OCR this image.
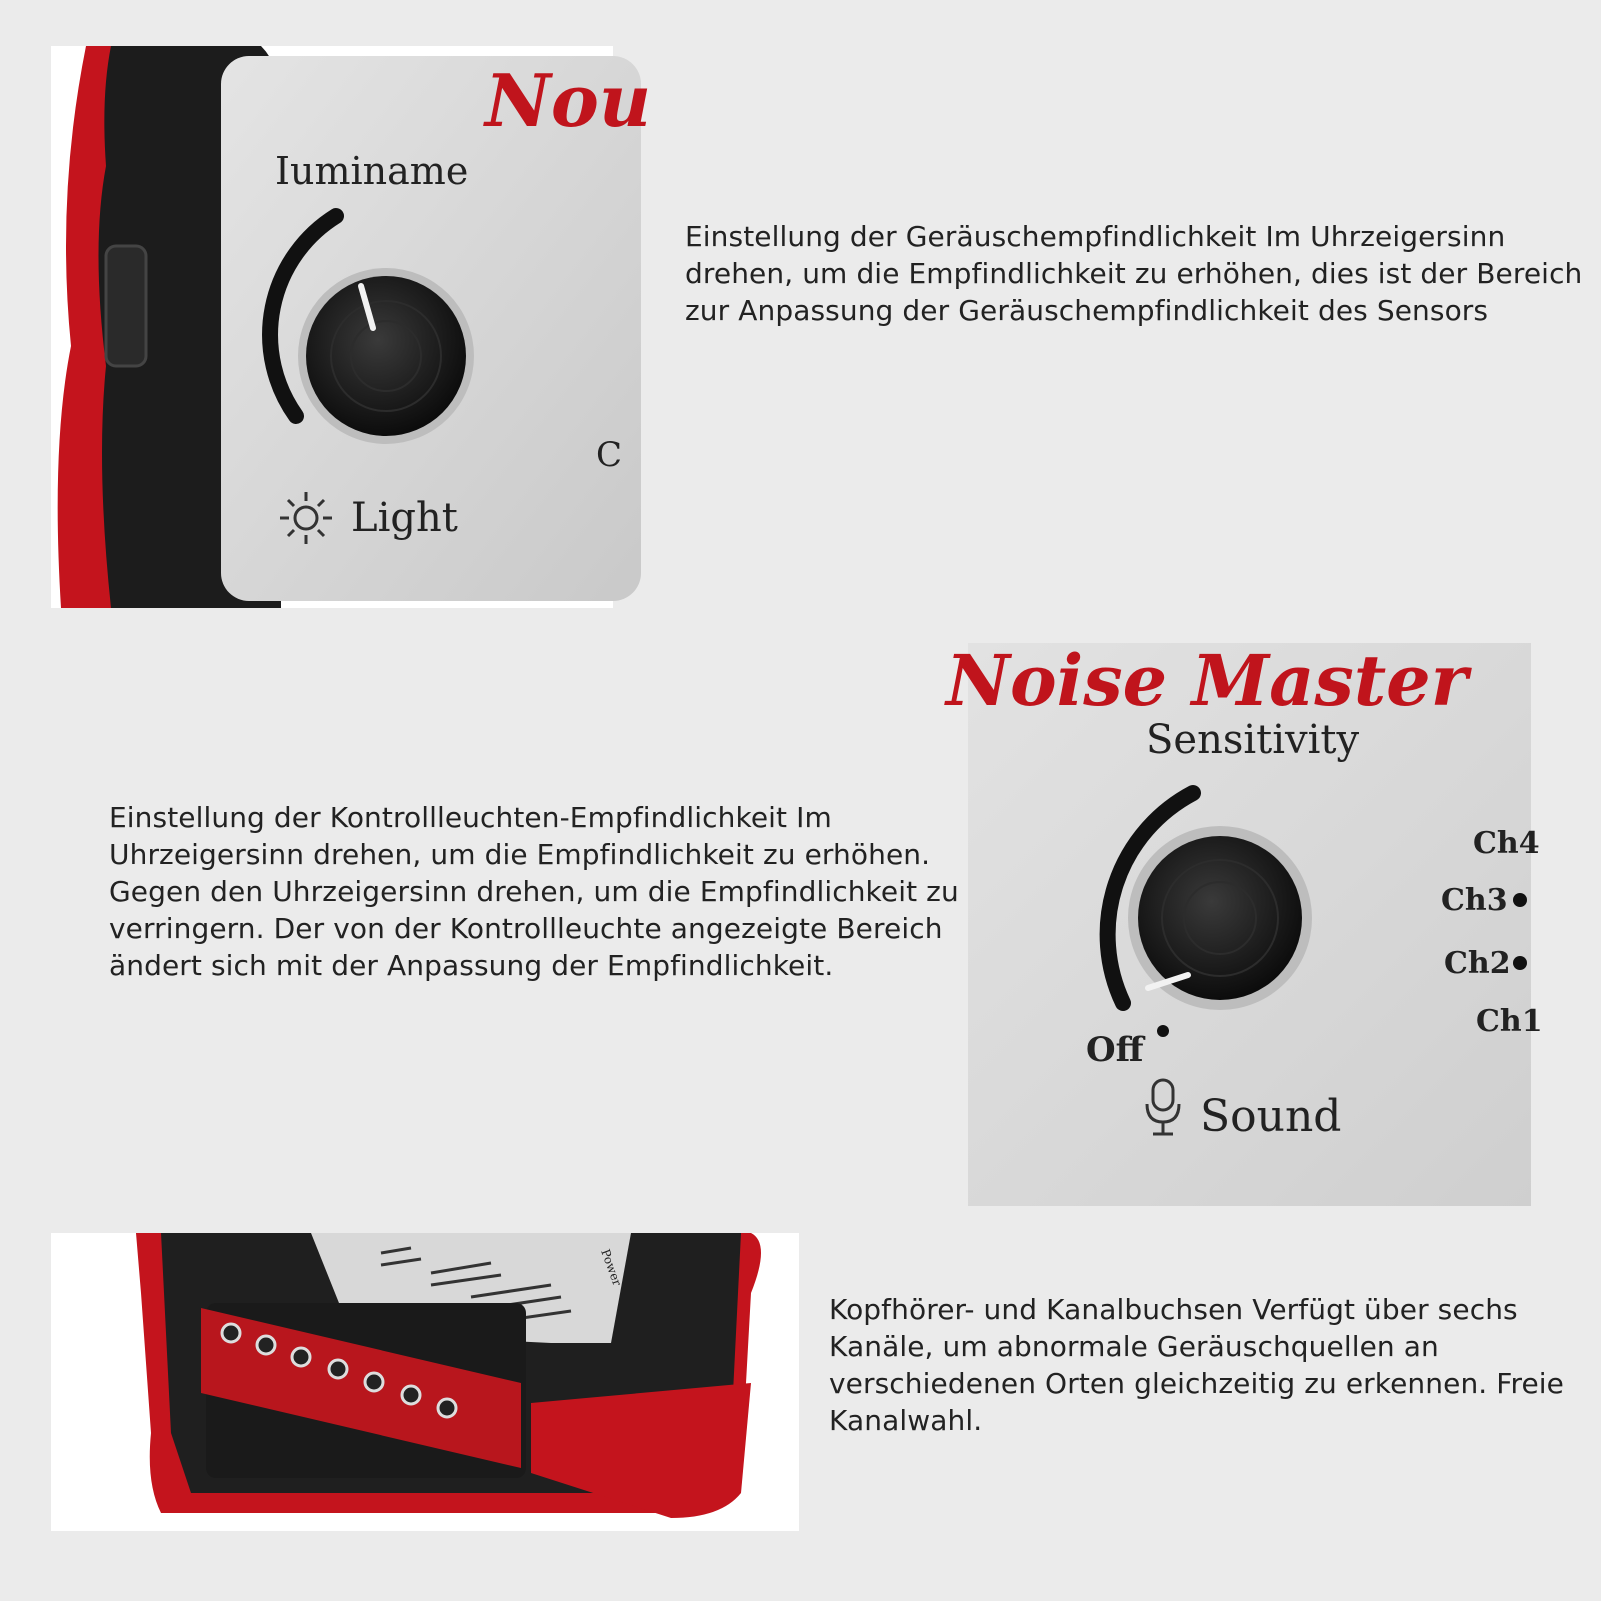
Nou
Iuminame
Light
C

Einstellung der Geräuschempfindlichkeit Im Uhrzeigersinn drehen, um die Empfindlichkeit zu erhöhen, dies ist der Bereich zur Anpassung der Geräuschempfindlichkeit des Sensors

Noise Master
Sensitivity
Off
Sound
Ch4
Ch3
Ch2
Ch1

Einstellung der Kontrollleuchten-Empfindlichkeit Im Uhrzeigersinn drehen, um die Empfindlichkeit zu erhöhen. Gegen den Uhrzeigersinn drehen, um die Empfindlichkeit zu verringern. Der von der Kontrollleuchte angezeigte Bereich ändert sich mit der Anpassung der Empfindlichkeit.

Power

Kopfhörer- und Kanalbuchsen Verfügt über sechs Kanäle, um abnormale Geräuschquellen an verschiedenen Orten gleichzeitig zu erkennen. Freie Kanalwahl.
